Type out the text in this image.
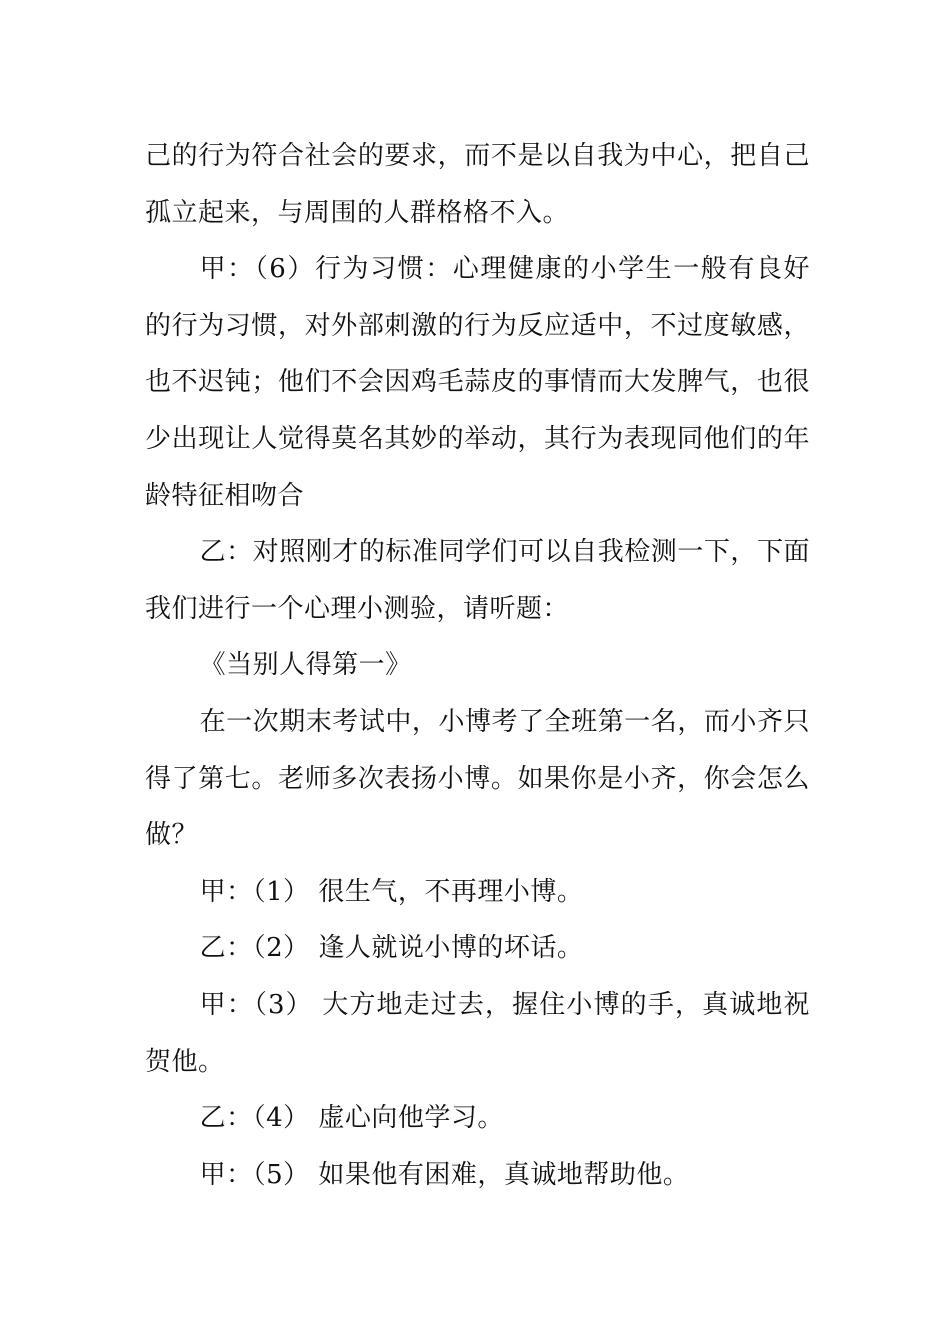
己的行为符合社会的要求，而不是以自我为中心，把自己孤立起来，与周围的人群格格不入。

甲：（6）行为习惯：心理健康的小学生一般有良好的行为习惯，对外部刺激的行为反应适中，不过度敏感，也不迟钝；他们不会因鸡毛蒜皮的事情而大发脾气，也很少出现让人觉得莫名其妙的举动，其行为表现同他们的年龄特征相吻合

乙：对照刚才的标准同学们可以自我检测一下，下面我们进行一个心理小测验，请听题：

《当别人得第一》

在一次期末考试中，小博考了全班第一名，而小齐只得了第七。老师多次表扬小博。如果你是小齐，你会怎么做？

甲：（1） 很生气，不再理小博。

乙：（2） 逢人就说小博的坏话。

甲：（3） 大方地走过去，握住小博的手，真诚地祝贺他。

乙：（4） 虚心向他学习。

甲：（5） 如果他有困难，真诚地帮助他。
